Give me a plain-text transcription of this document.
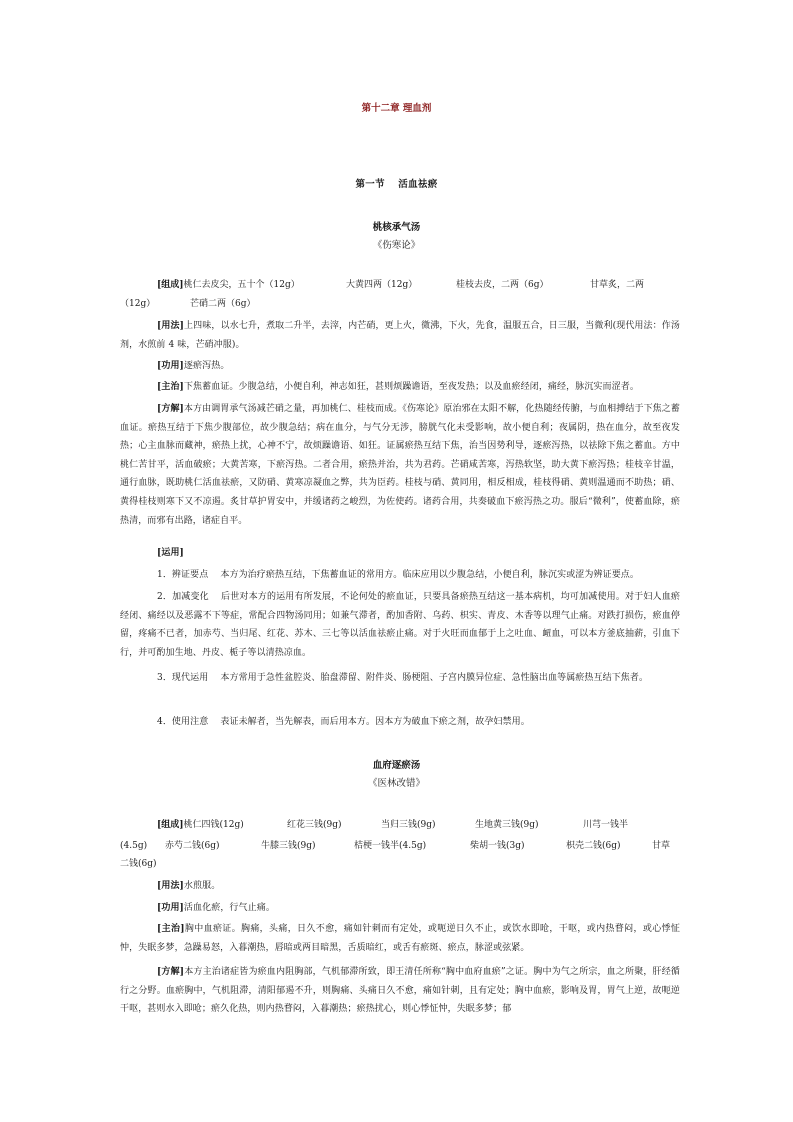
第十二章 理血剂
第一节　 活血祛瘀
桃核承气汤
《伤寒论》
[组成]桃仁去皮尖，五十个（12g）	大黄四两（12g）	桂枝去皮，二两（6g）	甘草炙，二两
（12g）	芒硝二两（6g）

[用法]上四味，以水七升，煮取二升半，去滓，内芒硝，更上火，微沸，下火，先食，温服五合，日三服，当微利(现代用法：作汤剂，水煎前 4 味，芒硝冲服)。

[功用]逐瘀泻热。

[主治]下焦蓄血证。少腹急结，小便自利，神志如狂，甚则烦躁谵语，至夜发热；以及血瘀经闭，痛经，脉沉实而涩者。

[方解]本方由调胃承气汤减芒硝之量，再加桃仁、桂枝而成。《伤寒论》原治邪在太阳不解，化热随经传腑，与血相搏结于下焦之蓄血证。瘀热互结于下焦少腹部位，故少腹急结；病在血分，与气分无涉，膀胱气化未受影响，故小便自利；夜属阴，热在血分，故至夜发热；心主血脉而藏神，瘀热上扰，心神不宁，故烦躁谵语、如狂。证属瘀热互结下焦，治当因势利导，逐瘀泻热，以祛除下焦之蓄血。方中桃仁苦甘平，活血破瘀；大黄苦寒，下瘀泻热。二者合用，瘀热并治，共为君药。芒硝咸苦寒，泻热软坚，助大黄下瘀泻热；桂枝辛甘温，通行血脉，既助桃仁活血祛瘀，又防硝、黄寒凉凝血之弊，共为臣药。桂枝与硝、黄同用，相反相成，桂枝得硝、黄则温通而不助热；硝、黄得桂枝则寒下又不凉遏。炙甘草护胃安中，并缓诸药之峻烈，为佐使药。诸药合用，共奏破血下瘀泻热之功。服后“微利”，使蓄血除，瘀热清，而邪有出路，诸症自平。

[运用]

1．辨证要点　 本方为治疗瘀热互结，下焦蓄血证的常用方。临床应用以少腹急结，小便自利，脉沉实或涩为辨证要点。

2．加减变化　 后世对本方的运用有所发展，不论何处的瘀血证，只要具备瘀热互结这一基本病机，均可加减使用。对于妇人血瘀经闭、痛经以及恶露不下等症，常配合四物汤同用；如兼气滞者，酌加香附、乌药、枳实、青皮、木香等以理气止痛。对跌打损伤，瘀血停留，疼痛不已者，加赤芍、当归尾、红花、苏木、三七等以活血祛瘀止痛。对于火旺而血郁于上之吐血、衄血，可以本方釜底抽薪，引血下行，并可酌加生地、丹皮、栀子等以清热凉血。

3．现代运用　 本方常用于急性盆腔炎、胎盘滞留、附件炎、肠梗阻、子宫内膜异位症、急性脑出血等属瘀热互结下焦者。

4．使用注意　 表证未解者，当先解表，而后用本方。因本方为破血下瘀之剂，故孕妇禁用。

血府逐瘀汤
《医林改错》
[组成]桃仁四钱(12g)	红花三钱(9g)	当归三钱(9g)	生地黄三钱(9g)	川芎一钱半
(4.5g) 赤芍二钱(6g)	牛膝三钱(9g)	桔梗一钱半(4.5g)	柴胡一钱(3g)	枳壳二钱(6g)	甘草
二钱(6g)

[用法]水煎服。

[功用]活血化瘀，行气止痛。

[主治]胸中血瘀证。胸痛，头痛，日久不愈，痛如针刺而有定处，或呃逆日久不止，或饮水即呛，干呕，或内热瞀闷，或心悸怔忡，失眠多梦，急躁易怒，入暮潮热，唇暗或两目暗黑，舌质暗红，或舌有瘀斑、瘀点，脉涩或弦紧。

[方解]本方主治诸症皆为瘀血内阻胸部，气机郁滞所致，即王清任所称“胸中血府血瘀”之证。胸中为气之所宗，血之所聚，肝经循行之分野。血瘀胸中，气机阻滞，清阳郁遏不升，则胸痛、头痛日久不愈，痛如针刺，且有定处；胸中血瘀，影响及胃，胃气上逆，故呃逆干呕，甚则水入即呛；瘀久化热，则内热瞀闷，入暮潮热；瘀热扰心，则心悸怔忡，失眠多梦；郁
